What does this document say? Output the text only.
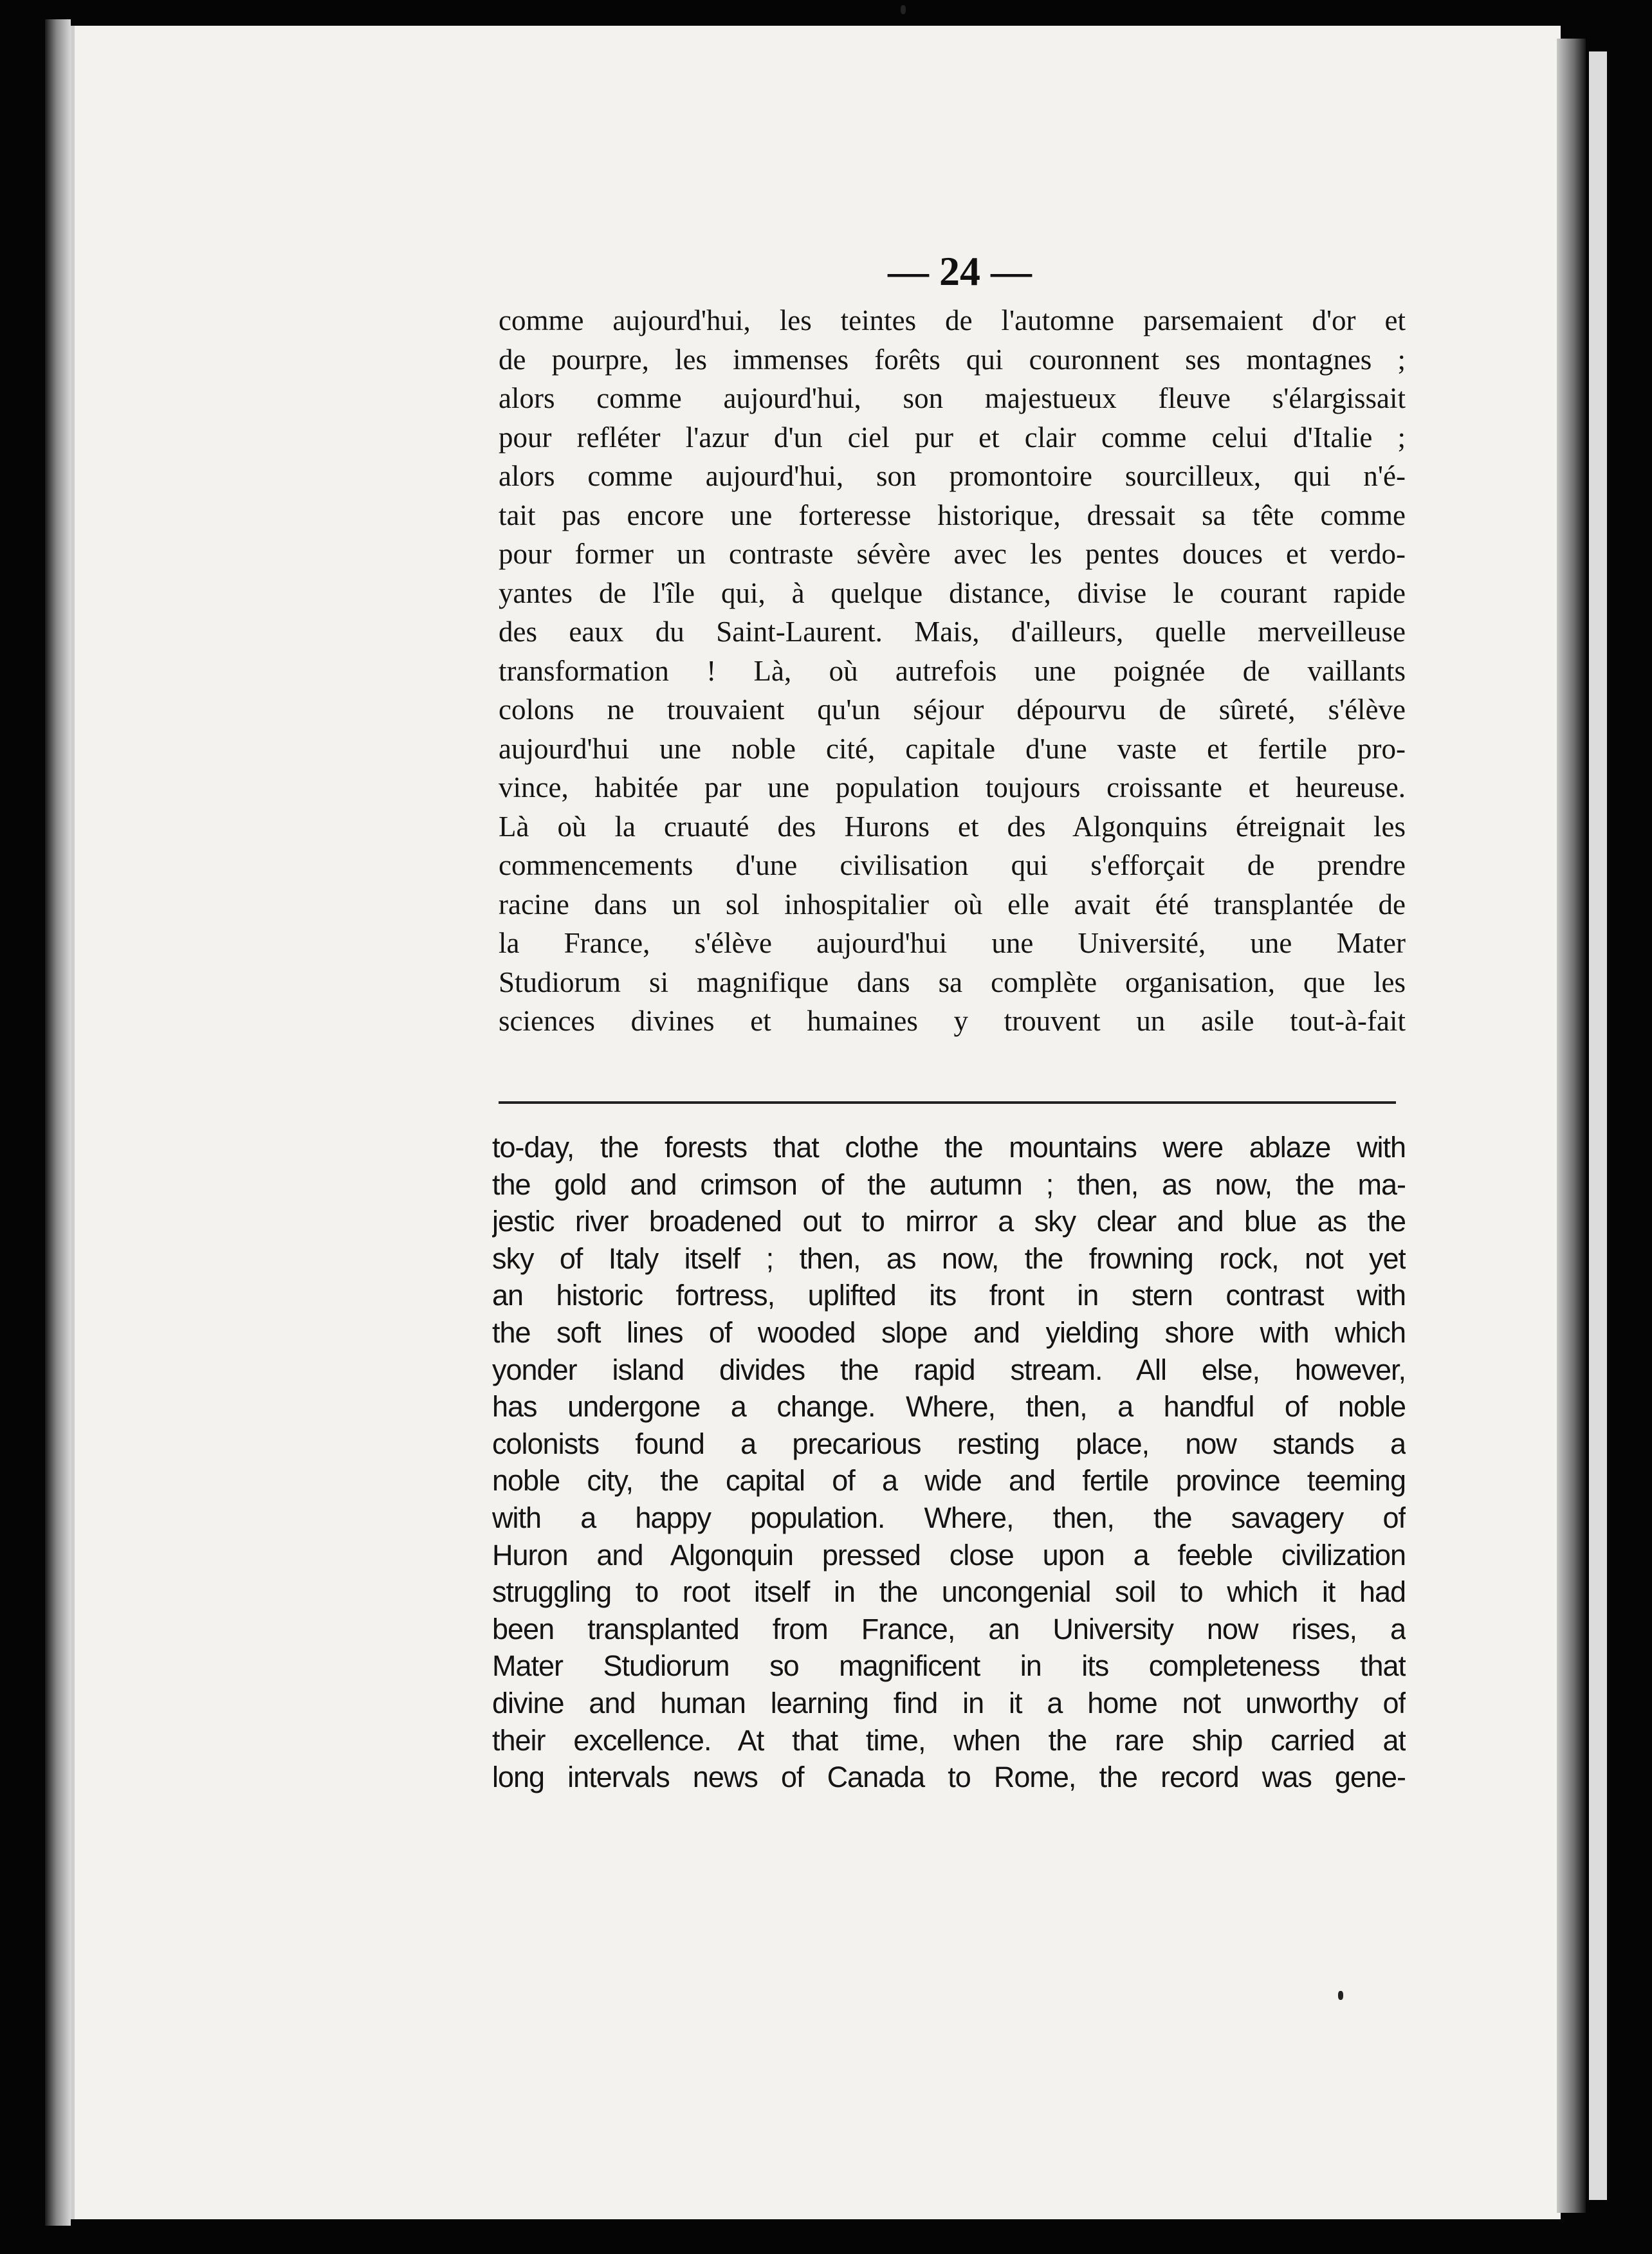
— 24 —
comme aujourd'hui, les teintes de l'automne parsemaient d'or et
de pourpre, les immenses forêts qui couronnent ses montagnes ;
alors comme aujourd'hui, son majestueux fleuve s'élargissait
pour refléter l'azur d'un ciel pur et clair comme celui d'Italie ;
alors comme aujourd'hui, son promontoire sourcilleux, qui n'é-
tait pas encore une forteresse historique, dressait sa tête comme
pour former un contraste sévère avec les pentes douces et verdo-
yantes de l'île qui, à quelque distance, divise le courant rapide
des eaux du Saint-Laurent. Mais, d'ailleurs, quelle merveilleuse
transformation ! Là, où autrefois une poignée de vaillants
colons ne trouvaient qu'un séjour dépourvu de sûreté, s'élève
aujourd'hui une noble cité, capitale d'une vaste et fertile pro-
vince, habitée par une population toujours croissante et heureuse.
Là où la cruauté des Hurons et des Algonquins étreignait les
commencements d'une civilisation qui s'efforçait de prendre
racine dans un sol inhospitalier où elle avait été transplantée de
la France, s'élève aujourd'hui une Université, une Mater
Studiorum si magnifique dans sa complète organisation, que les
sciences divines et humaines y trouvent un asile tout-à-fait
to-day, the forests that clothe the mountains were ablaze with
the gold and crimson of the autumn ; then, as now, the ma-
jestic river broadened out to mirror a sky clear and blue as the
sky of Italy itself ; then, as now, the frowning rock, not yet
an historic fortress, uplifted its front in stern contrast with
the soft lines of wooded slope and yielding shore with which
yonder island divides the rapid stream. All else, however,
has undergone a change. Where, then, a handful of noble
colonists found a precarious resting place, now stands a
noble city, the capital of a wide and fertile province teeming
with a happy population. Where, then, the savagery of
Huron and Algonquin pressed close upon a feeble civilization
struggling to root itself in the uncongenial soil to which it had
been transplanted from France, an University now rises, a
Mater Studiorum so magnificent in its completeness that
divine and human learning find in it a home not unworthy of
their excellence. At that time, when the rare ship carried at
long intervals news of Canada to Rome, the record was gene-
